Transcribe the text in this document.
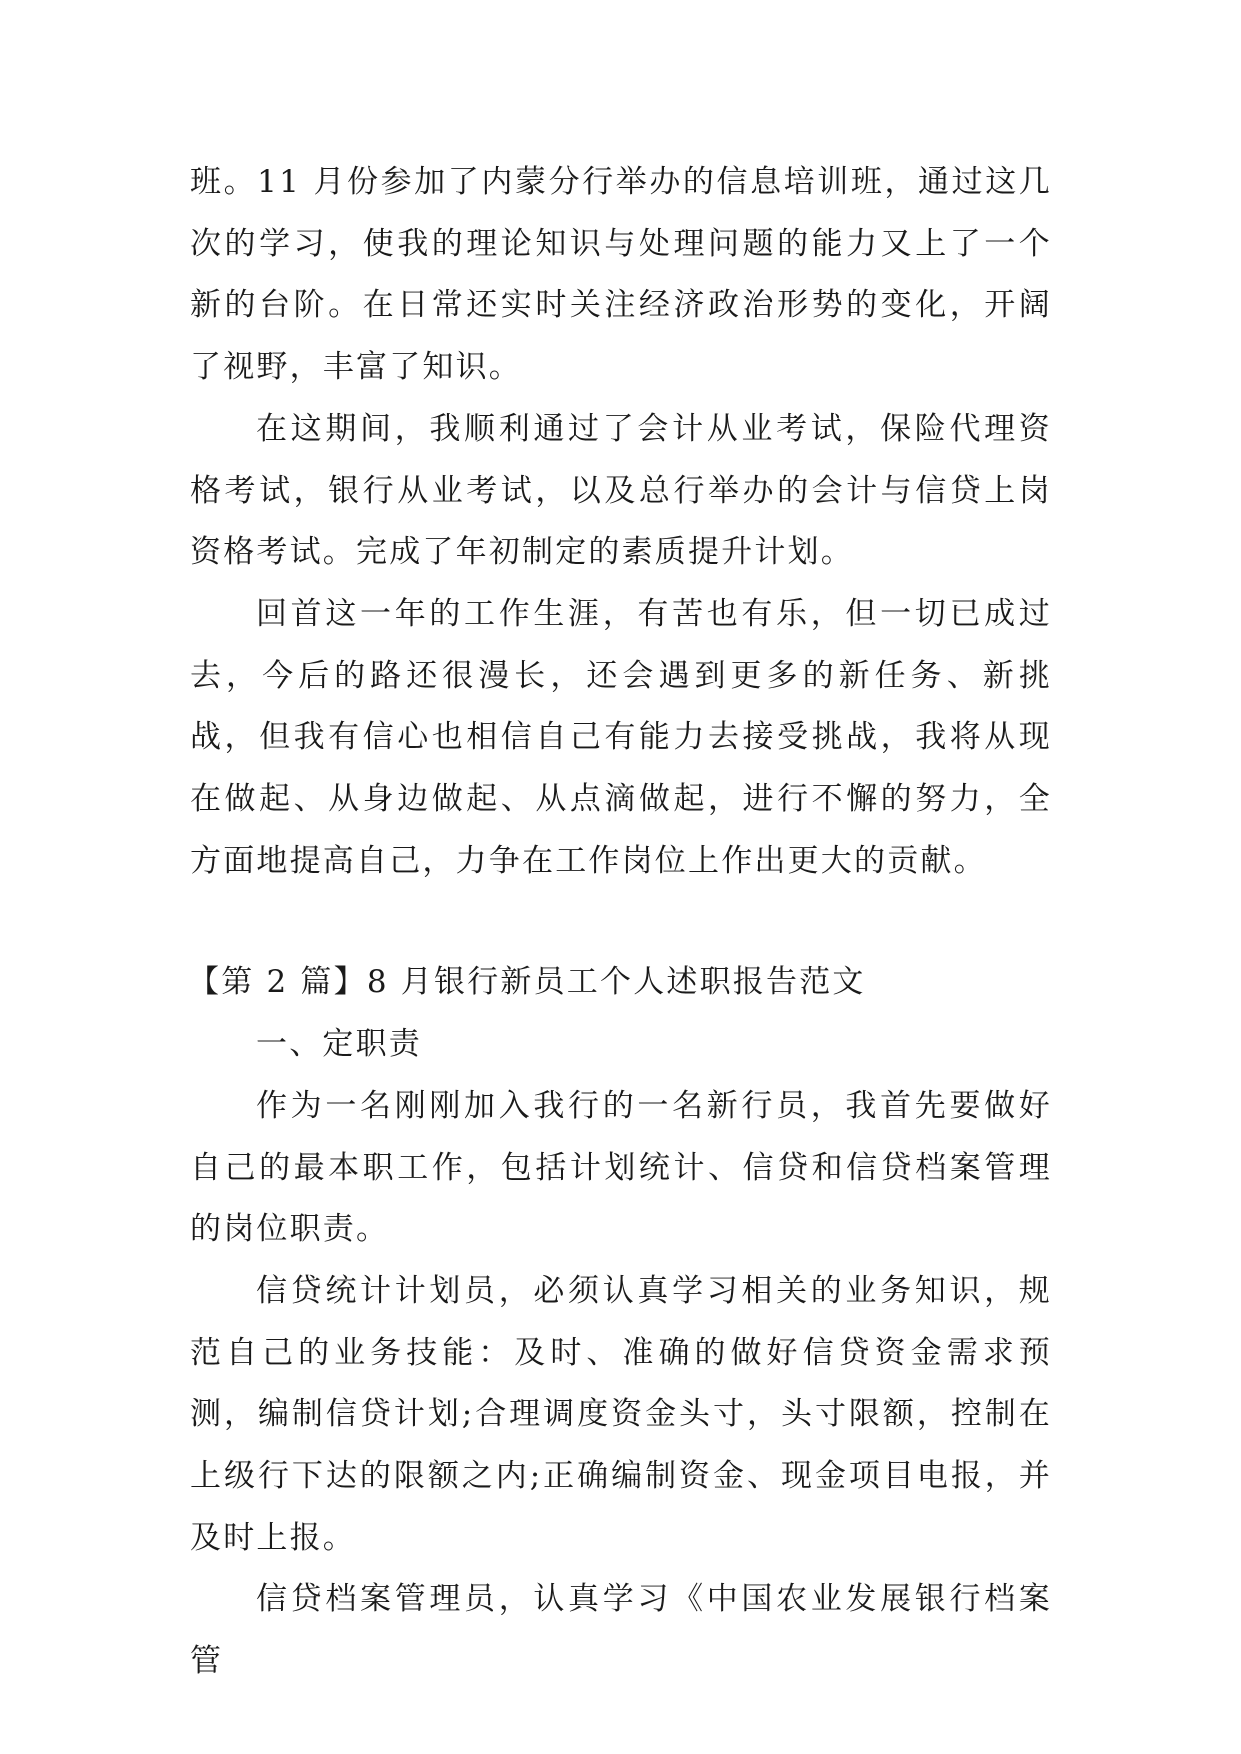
班。11 月份参加了内蒙分行举办的信息培训班，通过这几次的学习，使我的理论知识与处理问题的能力又上了一个新的台阶。在日常还实时关注经济政治形势的变化，开阔了视野，丰富了知识。

在这期间，我顺利通过了会计从业考试，保险代理资格考试，银行从业考试，以及总行举办的会计与信贷上岗资格考试。完成了年初制定的素质提升计划。

回首这一年的工作生涯，有苦也有乐，但一切已成过去，今后的路还很漫长，还会遇到更多的新任务、新挑战，但我有信心也相信自己有能力去接受挑战，我将从现在做起、从身边做起、从点滴做起，进行不懈的努力，全方面地提高自己，力争在工作岗位上作出更大的贡献。

【第 2 篇】8 月银行新员工个人述职报告范文

一、定职责

作为一名刚刚加入我行的一名新行员，我首先要做好自己的最本职工作，包括计划统计、信贷和信贷档案管理的岗位职责。

信贷统计计划员，必须认真学习相关的业务知识，规范自己的业务技能：及时、准确的做好信贷资金需求预测，编制信贷计划;合理调度资金头寸，头寸限额，控制在上级行下达的限额之内;正确编制资金、现金项目电报，并及时上报。

信贷档案管理员，认真学习《中国农业发展银行档案管
